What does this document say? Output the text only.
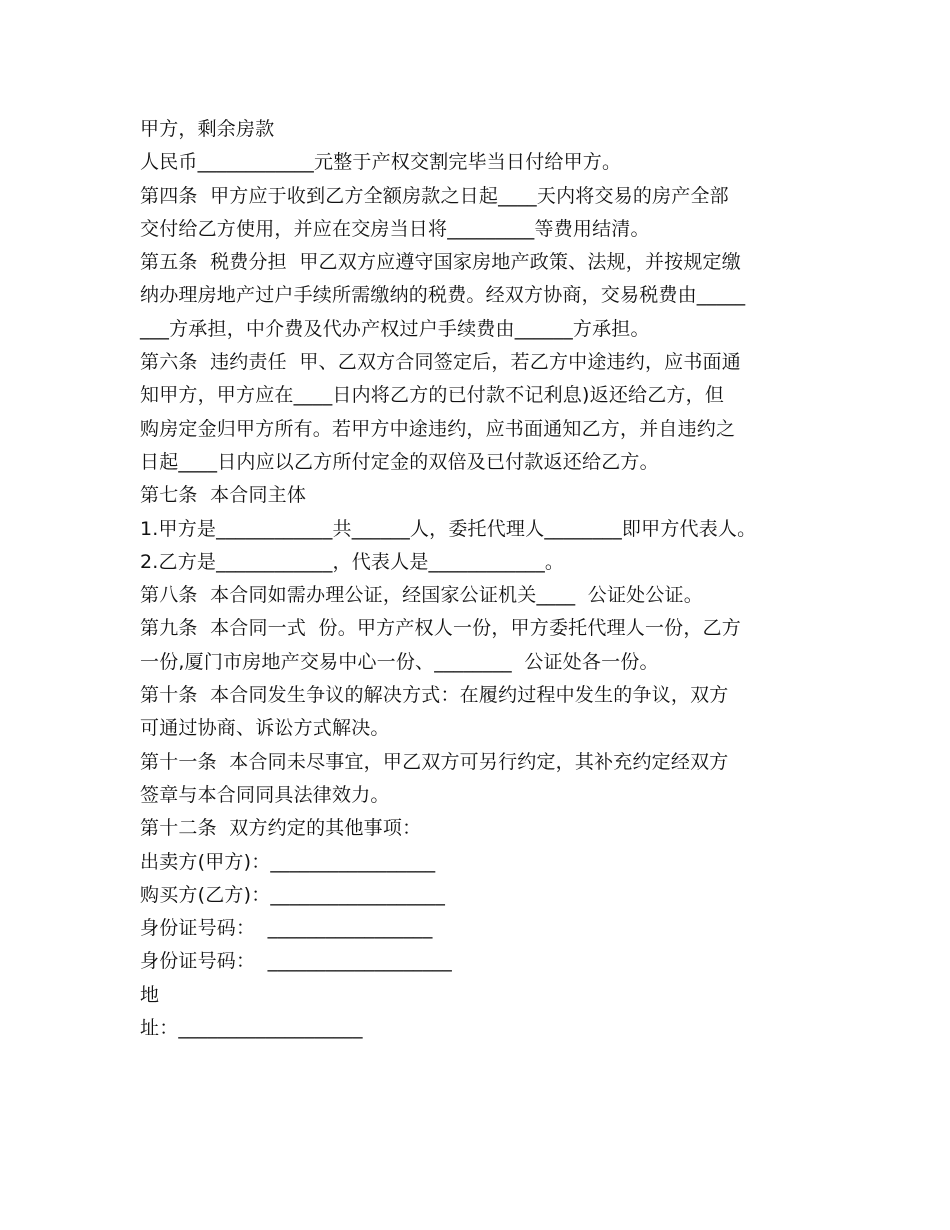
甲方，剩余房款
人民币____________元整于产权交割完毕当日付给甲方。
第四条  甲方应于收到乙方全额房款之日起____天内将交易的房产全部
交付给乙方使用，并应在交房当日将_________等费用结清。
第五条  税费分担  甲乙双方应遵守国家房地产政策、法规，并按规定缴
纳办理房地产过户手续所需缴纳的税费。经双方协商，交易税费由_____
___方承担，中介费及代办产权过户手续费由______方承担。
第六条  违约责任  甲、乙双方合同签定后，若乙方中途违约，应书面通
知甲方，甲方应在____日内将乙方的已付款不记利息)返还给乙方，但
购房定金归甲方所有。若甲方中途违约，应书面通知乙方，并自违约之
日起____日内应以乙方所付定金的双倍及已付款返还给乙方。
第七条  本合同主体
1.甲方是____________共______人，委托代理人________即甲方代表人。
2.乙方是____________，代表人是____________。
第八条  本合同如需办理公证，经国家公证机关____  公证处公证。
第九条  本合同一式  份。甲方产权人一份，甲方委托代理人一份，乙方
一份,厦门市房地产交易中心一份、________  公证处各一份。
第十条  本合同发生争议的解决方式：在履约过程中发生的争议，双方
可通过协商、诉讼方式解决。
第十一条  本合同未尽事宜，甲乙双方可另行约定，其补充约定经双方
签章与本合同同具法律效力。
第十二条  双方约定的其他事项：
出卖方(甲方)：_________________
购买方(乙方)：__________________
身份证号码：  _________________
身份证号码：  ___________________
地
址：___________________
